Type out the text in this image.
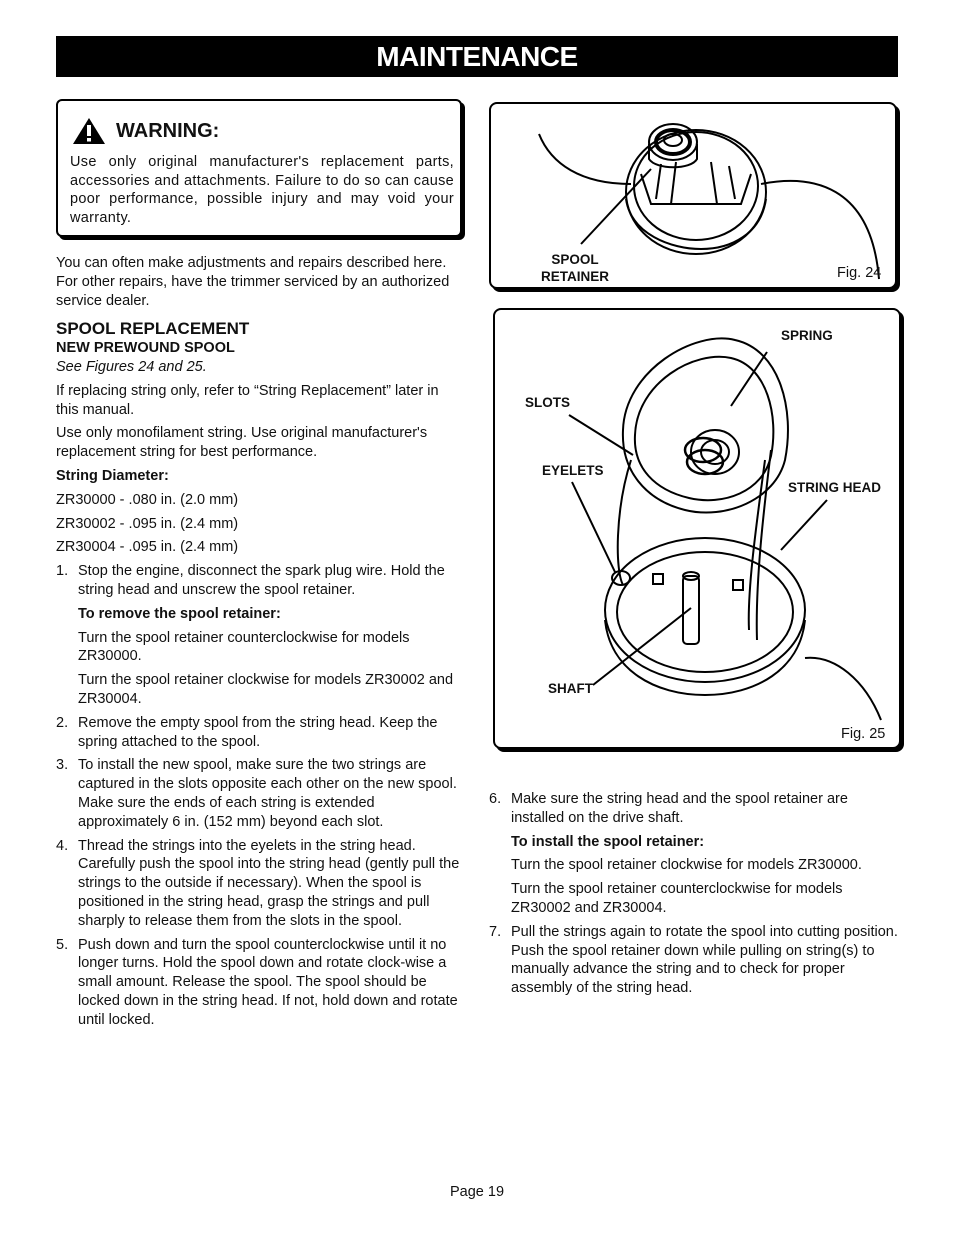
MAINTENANCE
WARNING:
Use only original manufacturer's replacement parts, accessories and attachments. Failure to do so can cause poor performance, possible injury and may void your warranty.

You can often make adjustments and repairs described here. For other repairs, have the trimmer serviced by an authorized service dealer.

SPOOL REPLACEMENT

NEW PREWOUND SPOOL

See Figures 24 and 25.

If replacing string only, refer to “String Replacement” later in this manual.

Use only monofilament string. Use original manufacturer's replacement string for best performance.

String Diameter:

ZR30000 - .080 in. (2.0 mm)

ZR30002 - .095 in. (2.4 mm)

ZR30004 - .095 in. (2.4 mm)

1. Stop the engine, disconnect the spark plug wire. Hold the string head and unscrew the spool retainer.

To remove the spool retainer:

Turn the spool retainer counterclockwise for models ZR30000.

Turn the spool retainer clockwise for models ZR30002 and ZR30004.

2. Remove the empty spool from the string head. Keep the spring attached to the spool.

3. To install the new spool, make sure the two strings are captured in the slots opposite each other on the new spool. Make sure the ends of each string is extended approximately 6 in. (152 mm) beyond each slot.

4. Thread the strings into the eyelets in the string head. Carefully push the spool into the string head (gently pull the strings to the outside if necessary). When the spool is positioned in the string head, grasp the strings and pull sharply to release them from the slots in the spool.

5. Push down and turn the spool counterclockwise until it no longer turns. Hold the spool down and rotate clock-wise a small amount. Release the spool. The spool should be locked down in the string head. If not, hold down and rotate until locked.

SPOOL
RETAINER	Fig. 24
SPRING
SLOTS
EYELETS
STRING HEAD
SHAFT
Fig. 25
6. Make sure the string head and the spool retainer are installed on the drive shaft.

To install the spool retainer:

Turn the spool retainer clockwise for models ZR30000.

Turn the spool retainer counterclockwise for models ZR30002 and ZR30004.

7. Pull the strings again to rotate the spool into cutting position. Push the spool retainer down while pulling on string(s) to manually advance the string and to check for proper assembly of the string head.

Page 19
